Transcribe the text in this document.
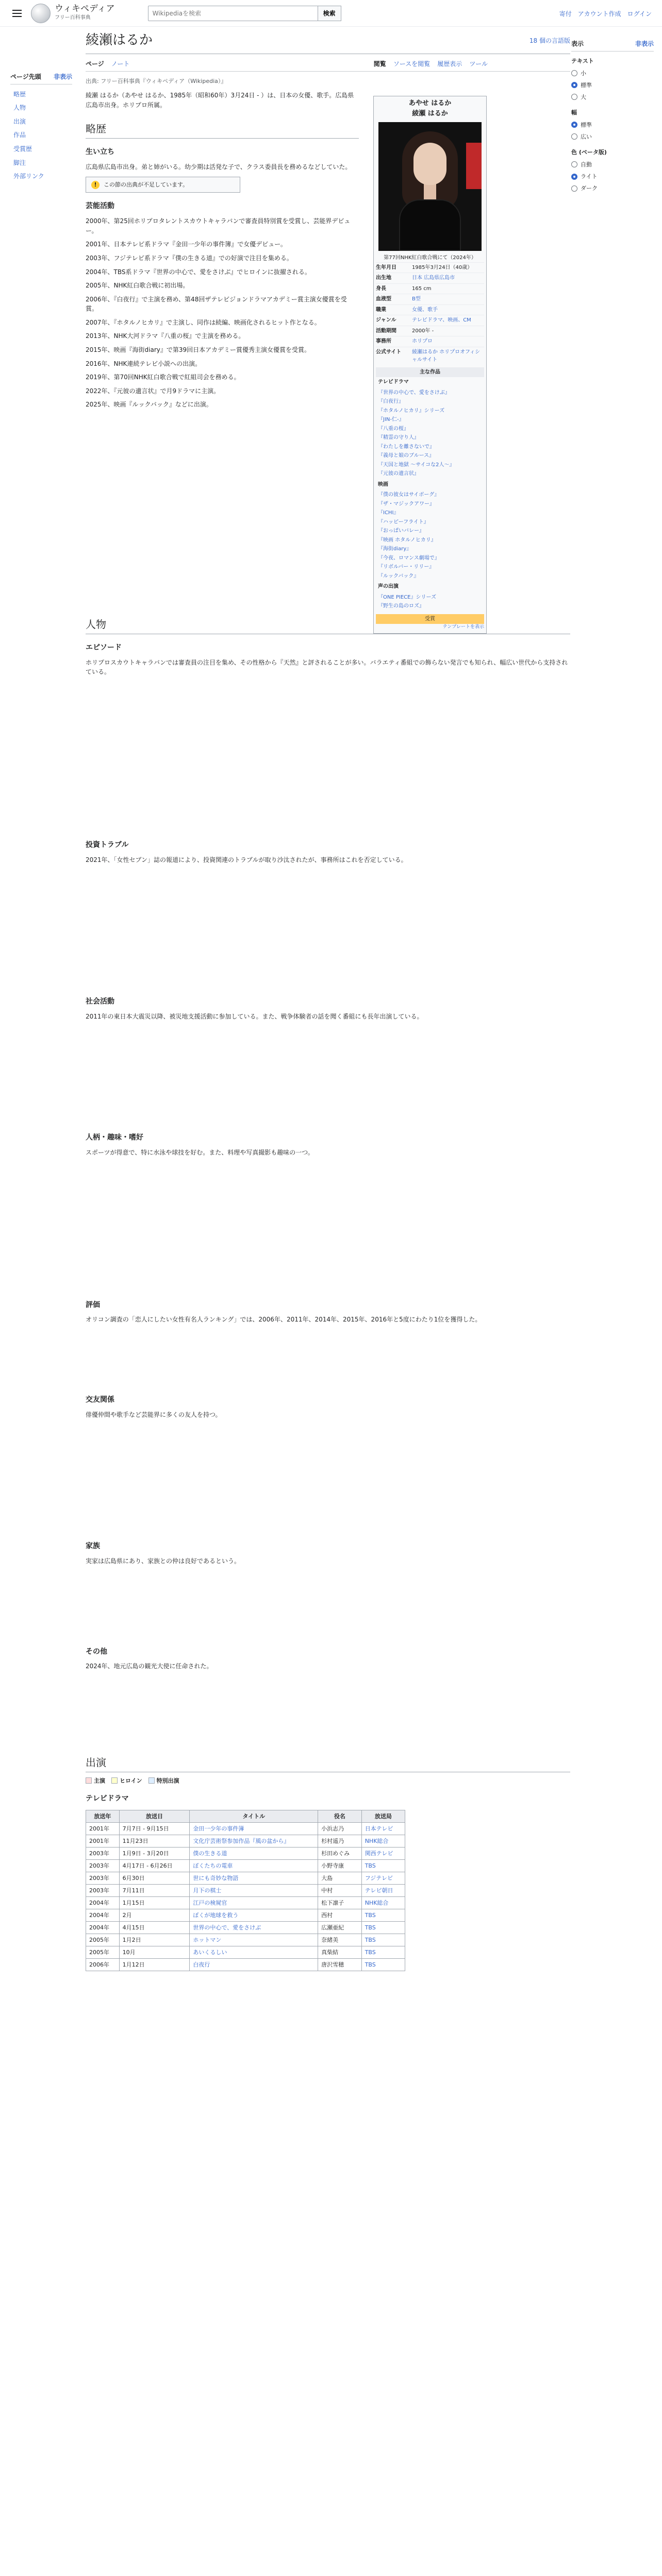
ウィキペディア
フリー百科事典
Wikipediaを検索
検索	寄付 アカウント作成 ログイン
ページ先頭 非表示
略歴
人物
出演
作品
受賞歴
脚注
外部リンク
綾瀬はるか	18 個の言語版
ページ ノート	閲覧 ソースを閲覧 履歴表示 ツール
出典: フリー百科事典『ウィキペディア（Wikipedia）』
綾瀬 はるか（あやせ はるか、1985年（昭和60年）3月24日 - ）は、日本の女優、歌手。広島県広島市出身。ホリプロ所属。	あやせ はるか
綾瀬 はるか
第77回NHK紅白歌合戦にて（2024年）
生年月日	1985年3月24日（40歳）
出生地	日本 広島県広島市
身長	165 cm
血液型	B型
職業	女優、歌手
ジャンル	テレビドラマ、映画、CM
活動期間	2000年 -
事務所	ホリプロ
公式サイト	綾瀬はるか ホリプロオフィシャルサイト
主な作品
テレビドラマ
『世界の中心で、愛をさけぶ』
『白夜行』
『ホタルノヒカリ』シリーズ
『JIN-仁-』
『八重の桜』
『精霊の守り人』
『わたしを離さないで』
『義母と娘のブルース』
『天国と地獄 〜サイコな2人〜』
『元彼の遺言状』
映画
『僕の彼女はサイボーグ』
『ザ・マジックアワー』
『ICHI』
『ハッピーフライト』
『おっぱいバレー』
『映画 ホタルノヒカリ』
『海街diary』
『今夜、ロマンス劇場で』
『リボルバー・リリー』
『ルックバック』
声の出演
『ONE PIECE』シリーズ
『野生の島のロズ』
受賞
テンプレートを表示
略歴
生い立ち
広島県広島市出身。弟と姉がいる。幼少期は活発な子で、クラス委員長を務めるなどしていた。
!	この節の出典が不足しています。
芸能活動
2000年、第25回ホリプロタレントスカウトキャラバンで審査員特別賞を受賞し、芸能界デビュー。
2001年、日本テレビ系ドラマ『金田一少年の事件簿』で女優デビュー。
2003年、フジテレビ系ドラマ『僕の生きる道』での好演で注目を集める。
2004年、TBS系ドラマ『世界の中心で、愛をさけぶ』でヒロインに抜擢される。
2005年、NHK紅白歌合戦に初出場。
2006年、『白夜行』で主演を務め、第48回ザテレビジョンドラマアカデミー賞主演女優賞を受賞。
2007年、『ホタルノヒカリ』で主演し、同作は続編、映画化されるヒット作となる。
2013年、NHK大河ドラマ『八重の桜』で主演を務める。
2015年、映画『海街diary』で第39回日本アカデミー賞優秀主演女優賞を受賞。
2016年、NHK連続テレビ小説への出演。
2019年、第70回NHK紅白歌合戦で紅組司会を務める。
2022年、『元彼の遺言状』で月9ドラマに主演。
2025年、映画『ルックバック』などに出演。
人物
エピソード
ホリプロスカウトキャラバンでは審査員の注目を集め、その性格から『天然』と評されることが多い。バラエティ番組での飾らない発言でも知られ、幅広い世代から支持されている。
投資トラブル
2021年、「女性セブン」誌の報道により、投資関連のトラブルが取り沙汰されたが、事務所はこれを否定している。
社会活動
2011年の東日本大震災以降、被災地支援活動に参加している。また、戦争体験者の話を聞く番組にも長年出演している。
人柄・趣味・嗜好
スポーツが得意で、特に水泳や球技を好む。また、料理や写真撮影も趣味の一つ。
評価
オリコン調査の「恋人にしたい女性有名人ランキング」では、2006年、2011年、2014年、2015年、2016年と5度にわたり1位を獲得した。
交友関係
俳優仲間や歌手など芸能界に多くの友人を持つ。
家族
実家は広島県にあり、家族との仲は良好であるという。
その他
2024年、地元広島の観光大使に任命された。
出演
主演	ヒロイン	特別出演
テレビドラマ
放送年	放送日	タイトル	役名	放送局
2001年	7月7日 - 9月15日	金田一少年の事件簿	小浜志乃	日本テレビ
2001年	11月23日	文化庁芸術祭参加作品『風の盆から』	杉村遥乃	NHK総合
2003年	1月9日 - 3月20日	僕の生きる道	杉田めぐみ	関西テレビ
2003年	4月17日 - 6月26日	ぼくたちの電車	小野寺康	TBS
2003年	6月30日	世にも奇妙な物語	大島	フジテレビ
2003年	7月11日	月下の棋士	中村	テレビ朝日
2004年	1月15日	江戸の検屍官	松下凛子	NHK総合
2004年	2月	ぼくが地球を救う	西村	TBS
2004年	4月15日	世界の中心で、愛をさけぶ	広瀬亜紀	TBS
2005年	1月2日	ホットマン	奈緒美	TBS
2005年	10月	あいくるしい	真柴結	TBS
2006年	1月12日	白夜行	唐沢雪穂	TBS
表示	非表示
テキスト
小
標準
大
幅
標準
広い
色 (ベータ版)
自動
ライト
ダーク
